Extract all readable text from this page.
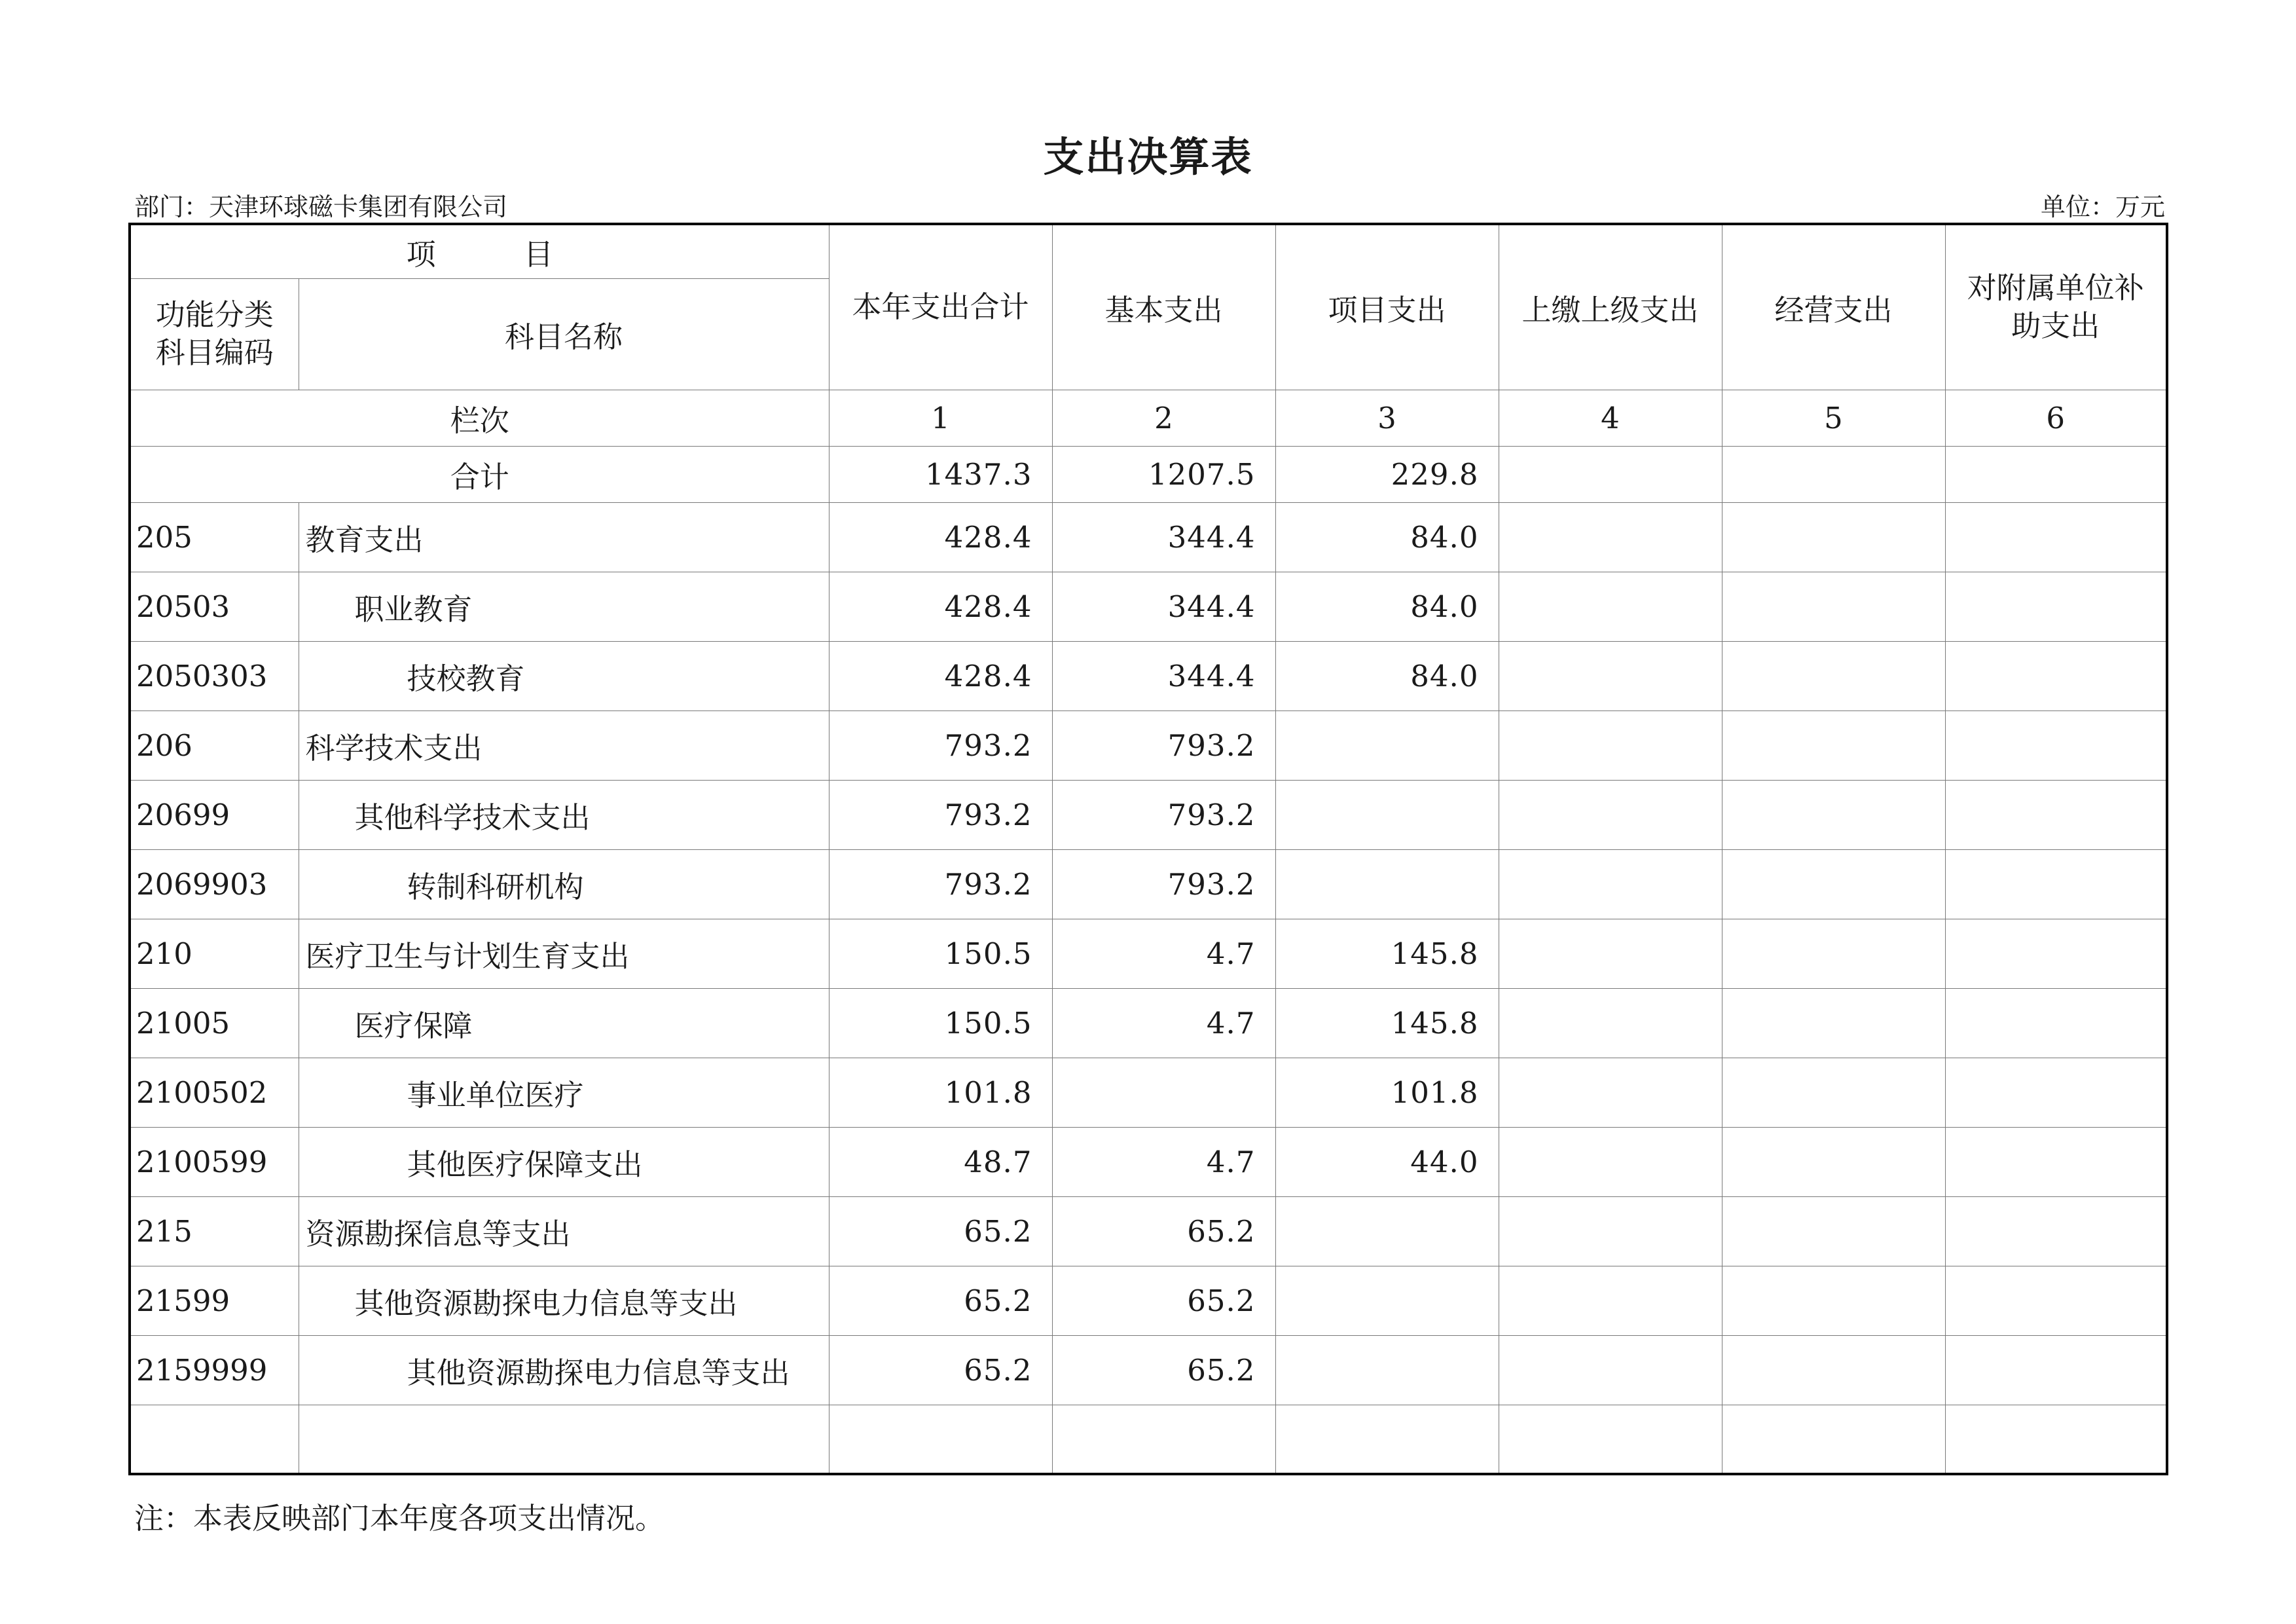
支出决算表
部门：天津环球磁卡集团有限公司	单位：万元
项 目		本年支出合计	基本支出	项目支出	上缴上级支出	经营支出	对附属单位补助支出
功能分类科目编码	科目名称						
栏次		1	2	3	4	5	6
合计		1437.3	1207.5	229.8			
205	教育支出	428.4	344.4	84.0			
20503	职业教育	428.4	344.4	84.0			
2050303	技校教育	428.4	344.4	84.0			
206	科学技术支出	793.2	793.2				
20699	其他科学技术支出	793.2	793.2				
2069903	转制科研机构	793.2	793.2				
210	医疗卫生与计划生育支出	150.5	4.7	145.8			
21005	医疗保障	150.5	4.7	145.8			
2100502	事业单位医疗	101.8		101.8			
2100599	其他医疗保障支出	48.7	4.7	44.0			
215	资源勘探信息等支出	65.2	65.2				
21599	其他资源勘探电力信息等支出	65.2	65.2				
2159999	其他资源勘探电力信息等支出	65.2	65.2				

注：本表反映部门本年度各项支出情况。
